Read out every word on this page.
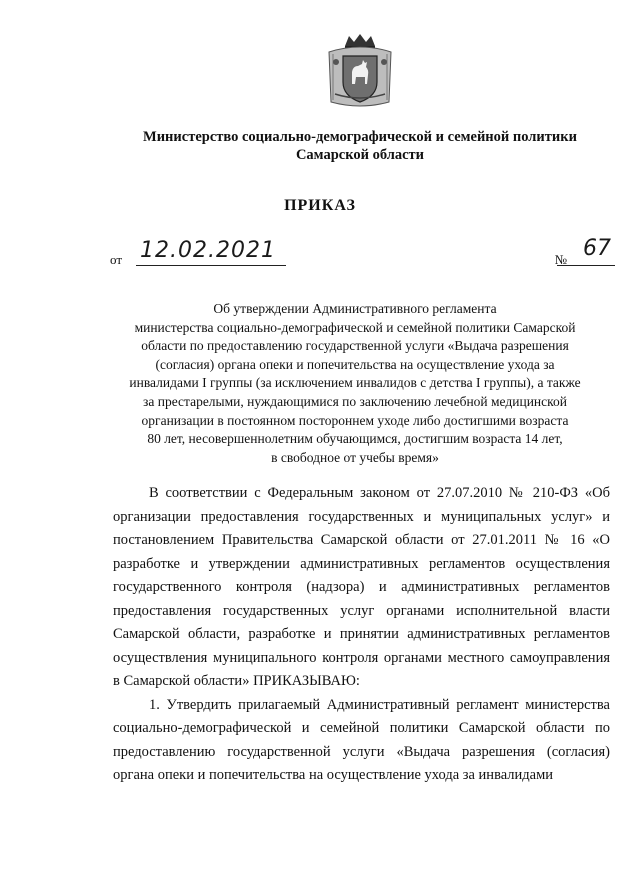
Министерство социально-демографической и семейной политики
Самарской области
ПРИКАЗ
от 12.02.2021	№ 67
Об утверждении Административного регламента
министерства социально-демографической и семейной политики Самарской
области по предоставлению государственной услуги «Выдача разрешения
(согласия) органа опеки и попечительства на осуществление ухода за
инвалидами I группы (за исключением инвалидов с детства I группы), а также
за престарелыми, нуждающимися по заключению лечебной медицинской
организации в постоянном постороннем уходе либо достигшими возраста
80 лет, несовершеннолетним обучающимся, достигшим возраста 14 лет,
в свободное от учебы время»

В соответствии с Федеральным законом от 27.07.2010 № 210-ФЗ «Об организации предоставления государственных и муниципальных услуг» и постановлением Правительства Самарской области от 27.01.2011 № 16 «О разработке и утверждении административных регламентов осуществления государственного контроля (надзора) и административных регламентов предоставления государственных услуг органами исполнительной власти Самарской области, разработке и принятии административных регламентов осуществления муниципального контроля органами местного самоуправления в Самарской области» ПРИКАЗЫВАЮ:

1. Утвердить прилагаемый Административный регламент министерства социально-демографической и семейной политики Самарской области по предоставлению государственной услуги «Выдача разрешения (согласия) органа опеки и попечительства на осуществление ухода за инвалидами
